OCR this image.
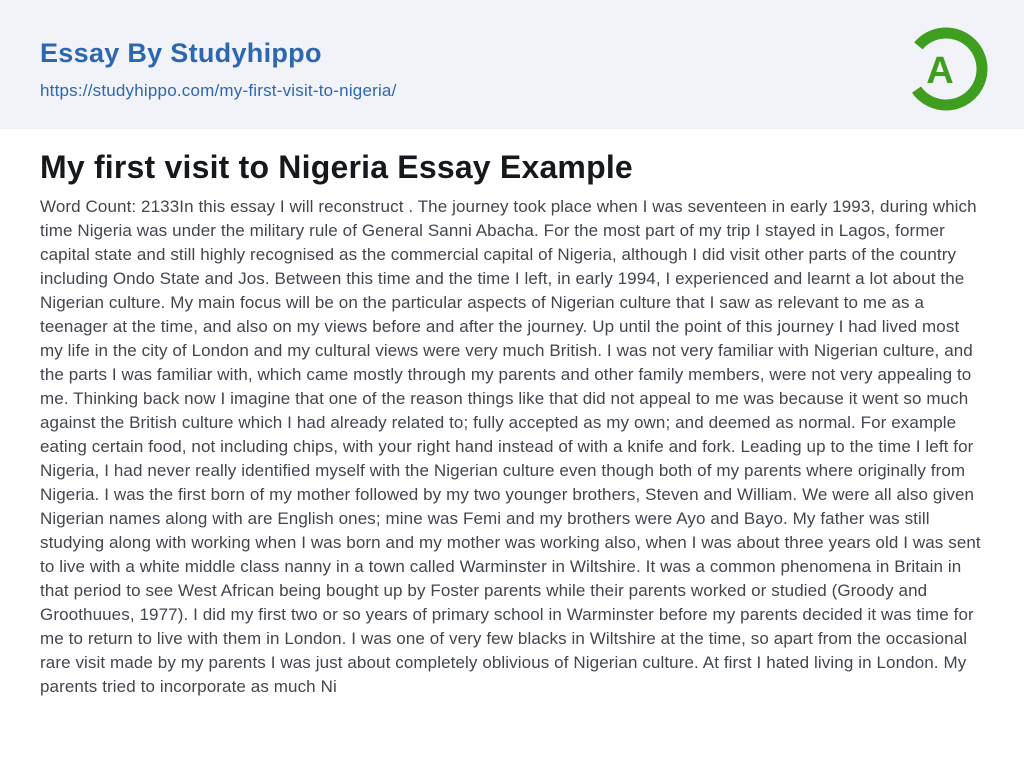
Essay By Studyhippo
https://studyhippo.com/my-first-visit-to-nigeria/	A
My first visit to Nigeria Essay Example

Word Count: 2133In this essay I will reconstruct . The journey took place when I was seventeen in early 1993, during which time Nigeria was under the military rule of General Sanni Abacha. For the most part of my trip I stayed in Lagos, former capital state and still highly recognised as the commercial capital of Nigeria, although I did visit other parts of the country including Ondo State and Jos. Between this time and the time I left, in early 1994, I experienced and learnt a lot about the Nigerian culture. My main focus will be on the particular aspects of Nigerian culture that I saw as relevant to me as a teenager at the time, and also on my views before and after the journey. Up until the point of this journey I had lived most my life in the city of London and my cultural views were very much British. I was not very familiar with Nigerian culture, and the parts I was familiar with, which came mostly through my parents and other family members, were not very appealing to me. Thinking back now I imagine that one of the reason things like that did not appeal to me was because it went so much against the British culture which I had already related to; fully accepted as my own; and deemed as normal. For example eating certain food, not including chips, with your right hand instead of with a knife and fork. Leading up to the time I left for Nigeria, I had never really identified myself with the Nigerian culture even though both of my parents where originally from Nigeria. I was the first born of my mother followed by my two younger brothers, Steven and William. We were all also given Nigerian names along with are English ones; mine was Femi and my brothers were Ayo and Bayo. My father was still studying along with working when I was born and my mother was working also, when I was about three years old I was sent to live with a white middle class nanny in a town called Warminster in Wiltshire. It was a common phenomena in Britain in that period to see West African being bought up by Foster parents while their parents worked or studied (Groody and Groothuues, 1977). I did my first two or so years of primary school in Warminster before my parents decided it was time for me to return to live with them in London. I was one of very few blacks in Wiltshire at the time, so apart from the occasional rare visit made by my parents I was just about completely oblivious of Nigerian culture. At first I hated living in London. My parents tried to incorporate as much Ni
